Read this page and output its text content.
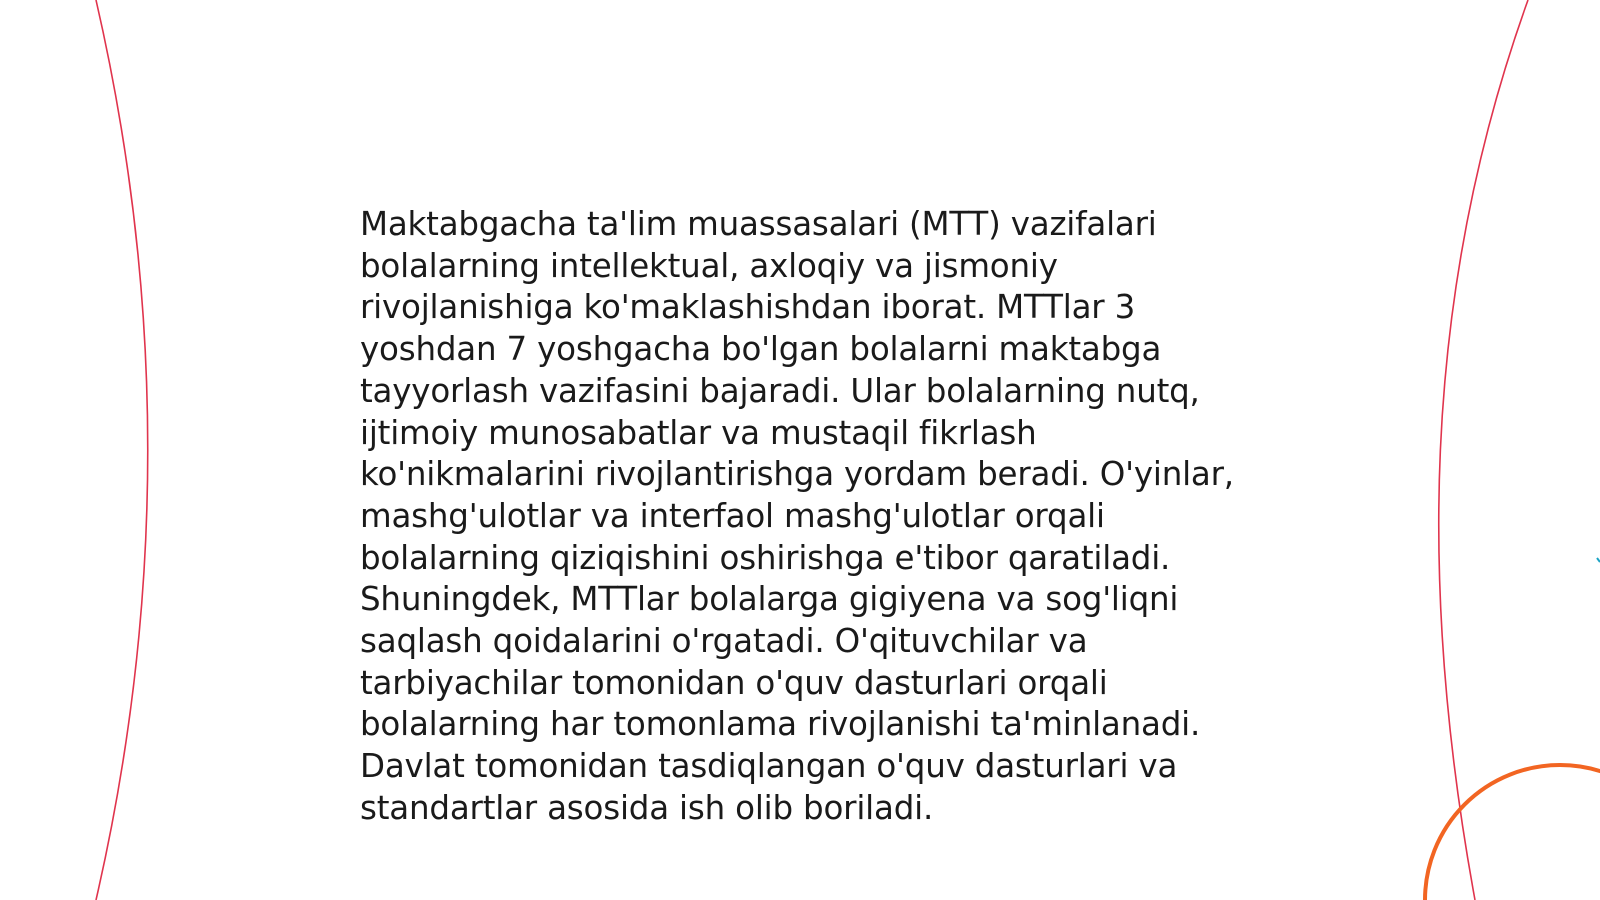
Maktabgacha ta'lim muassasalari (MTT) vazifalari bolalarning intellektual, axloqiy va jismoniy rivojlanishiga ko'maklashishdan iborat. MTTlar 3 yoshdan 7 yoshgacha bo'lgan bolalarni maktabga tayyorlash vazifasini bajaradi. Ular bolalarning nutq, ijtimoiy munosabatlar va mustaqil fikrlash ko'nikmalarini rivojlantirishga yordam beradi. O'yinlar, mashg'ulotlar va interfaol mashg'ulotlar orqali bolalarning qiziqishini oshirishga e'tibor qaratiladi. Shuningdek, MTTlar bolalarga gigiyena va sog'liqni saqlash qoidalarini o'rgatadi. O'qituvchilar va tarbiyachilar tomonidan o'quv dasturlari orqali bolalarning har tomonlama rivojlanishi ta'minlanadi. Davlat tomonidan tasdiqlangan o'quv dasturlari va standartlar asosida ish olib boriladi.
